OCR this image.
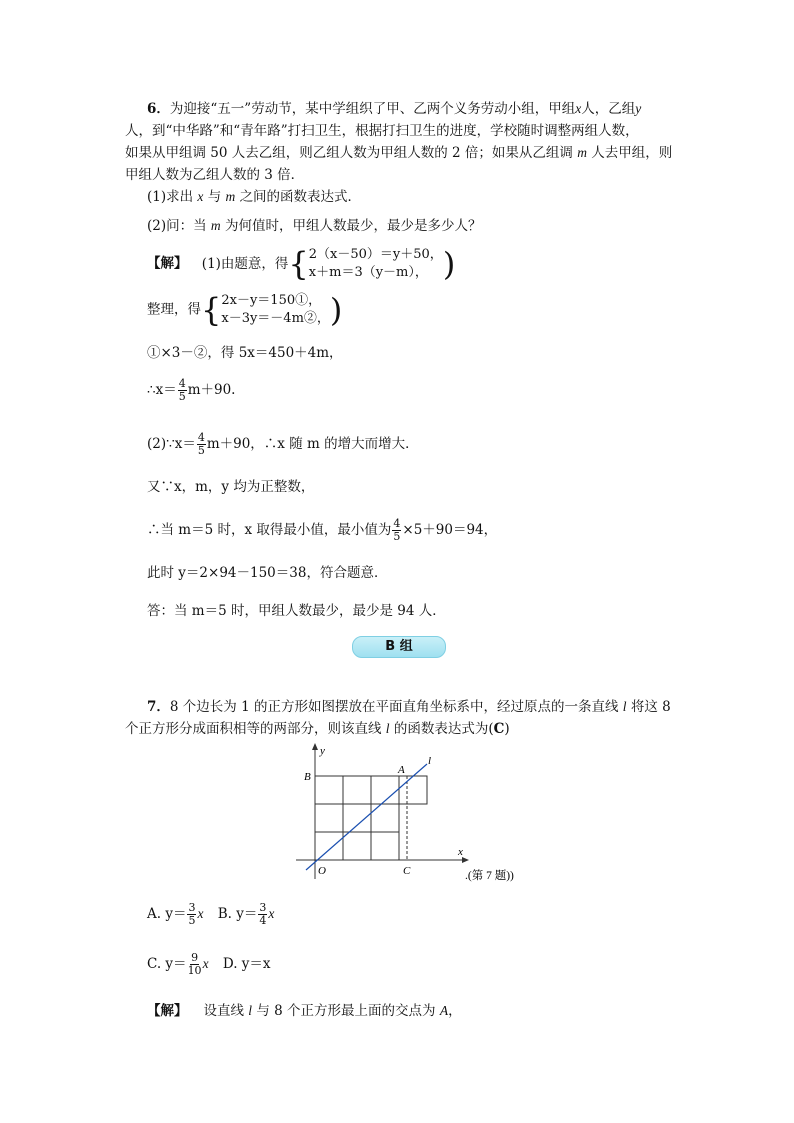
6．为迎接“五一”劳动节，某中学组织了甲、乙两个义务劳动小组，甲组x人，乙组y
人，到“中华路”和“青年路”打扫卫生，根据打扫卫生的进度，学校随时调整两组人数，
如果从甲组调 50 人去乙组，则乙组人数为甲组人数的 2 倍；如果从乙组调 m 人去甲组，则
甲组人数为乙组人数的 3 倍．
(1)求出 x 与 m 之间的函数表达式．
(2)问：当 m 为何值时，甲组人数最少，最少是多少人？
【解】 (1)由题意，得{2（x－50）＝y＋50，
x＋m＝3（y－m）， )
整理，得{2x－y＝150①，
x－3y＝－4m②，)
①×3－②，得 5x＝450＋4m，
∴x＝ $\frac{4}{5} m+90$.
(2)∵x＝ $\frac{4}{5} m+90$，∴x 随 m 的增大而增大．
又∵x，m，y 均为正整数，
∴当 m＝5 时，x 取得最小值，最小值为 $\frac{4}{5} \times 5+90=94$，
此时 y＝2×94－150＝38，符合题意．
答：当 m＝5 时，甲组人数最少，最少是 94 人．
B 组
7．8 个边长为 1 的正方形如图摆放在平面直角坐标系中，经过原点的一条直线 l 将这 8
个正方形分成面积相等的两部分，则该直线 l 的函数表达式为(C)
y
x
l
A
B
O	C	.(第 7 题))
A. $y= \frac{3}{5}$ x B. $y= \frac{3}{4}$ x
C. $y= \frac{9}{10}$ x D. y＝x
【解】 设直线 l 与 8 个正方形最上面的交点为 A，
